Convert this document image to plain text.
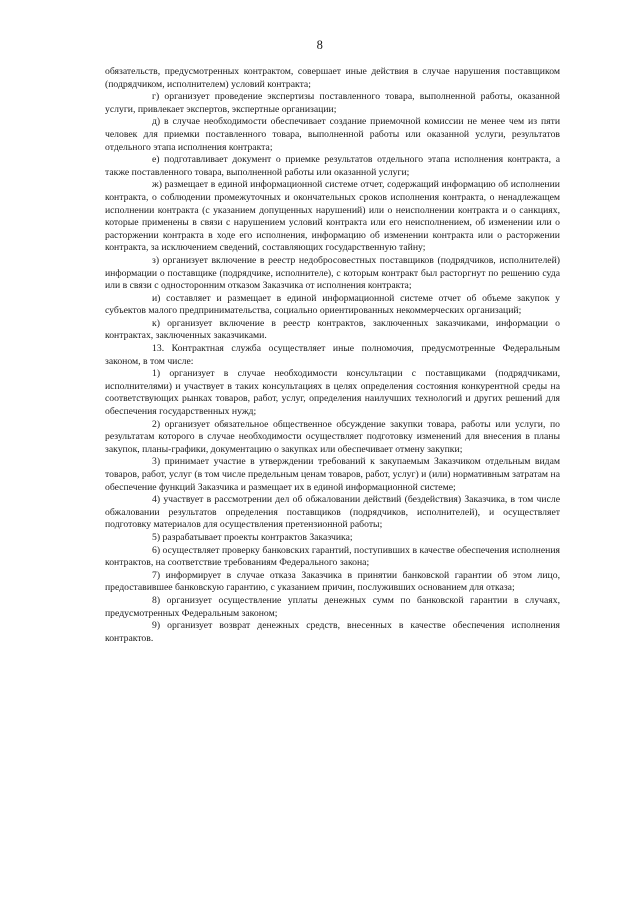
8

обязательств, предусмотренных контрактом, совершает иные действия в случае нарушения поставщиком (подрядчиком, исполнителем) условий контракта;

г) организует проведение экспертизы поставленного товара, выполненной работы, оказанной услуги, привлекает экспертов, экспертные организации;

д) в случае необходимости обеспечивает создание приемочной комиссии не менее чем из пяти человек для приемки поставленного товара, выполненной работы или оказанной услуги, результатов отдельного этапа исполнения контракта;

е) подготавливает документ о приемке результатов отдельного этапа исполнения контракта, а также поставленного товара, выполненной работы или оказанной услуги;

ж) размещает в единой информационной системе отчет, содержащий информацию об исполнении контракта, о соблюдении промежуточных и окончательных сроков исполнения контракта, о ненадлежащем исполнении контракта (с указанием допущенных нарушений) или о неисполнении контракта и о санкциях, которые применены в связи с нарушением условий контракта или его неисполнением, об изменении или о расторжении контракта в ходе его исполнения, информацию об изменении контракта или о расторжении контракта, за исключением сведений, составляющих государственную тайну;

з) организует включение в реестр недобросовестных поставщиков (подрядчиков, исполнителей) информации о поставщике (подрядчике, исполнителе), с которым контракт был расторгнут по решению суда или в связи с односторонним отказом Заказчика от исполнения контракта;

и) составляет и размещает в единой информационной системе отчет об объеме закупок у субъектов малого предпринимательства, социально ориентированных некоммерческих организаций;

к) организует включение в реестр контрактов, заключенных заказчиками, информации о контрактах, заключенных заказчиками.

13. Контрактная служба осуществляет иные полномочия, предусмотренные Федеральным законом, в том числе:

1) организует в случае необходимости консультации с поставщиками (подрядчиками, исполнителями) и участвует в таких консультациях в целях определения состояния конкурентной среды на соответствующих рынках товаров, работ, услуг, определения наилучших технологий и других решений для обеспечения государственных нужд;

2) организует обязательное общественное обсуждение закупки товара, работы или услуги, по результатам которого в случае необходимости осуществляет подготовку изменений для внесения в планы закупок, планы-графики, документацию о закупках или обеспечивает отмену закупки;

3) принимает участие в утверждении требований к закупаемым Заказчиком отдельным видам товаров, работ, услуг (в том числе предельным ценам товаров, работ, услуг) и (или) нормативным затратам на обеспечение функций Заказчика и размещает их в единой информационной системе;

4) участвует в рассмотрении дел об обжаловании действий (бездействия) Заказчика, в том числе обжаловании результатов определения поставщиков (подрядчиков, исполнителей), и осуществляет подготовку материалов для осуществления претензионной работы;

5) разрабатывает проекты контрактов Заказчика;

6) осуществляет проверку банковских гарантий, поступивших в качестве обеспечения исполнения контрактов, на соответствие требованиям Федерального закона;

7) информирует в случае отказа Заказчика в принятии банковской гарантии об этом лицо, предоставившее банковскую гарантию, с указанием причин, послуживших основанием для отказа;

8) организует осуществление уплаты денежных сумм по банковской гарантии в случаях, предусмотренных Федеральным законом;

9) организует возврат денежных средств, внесенных в качестве обеспечения исполнения контрактов.
